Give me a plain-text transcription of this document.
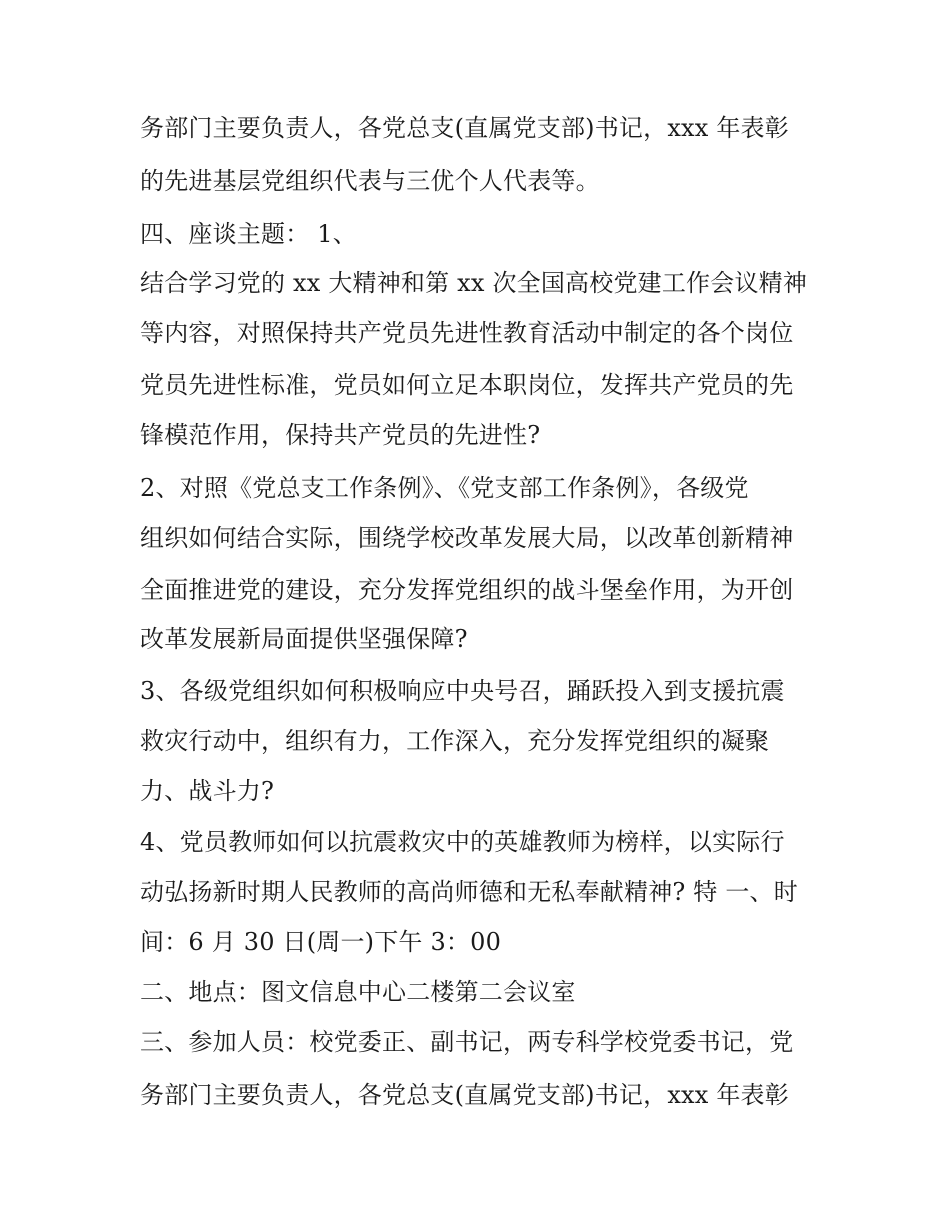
务部门主要负责人，各党总支(直属党支部)书记，xxx 年表彰
的先进基层党组织代表与三优个人代表等。
四、座谈主题： 1、
结合学习党的 xx 大精神和第 xx 次全国高校党建工作会议精神
等内容，对照保持共产党员先进性教育活动中制定的各个岗位
党员先进性标准，党员如何立足本职岗位，发挥共产党员的先
锋模范作用，保持共产党员的先进性?
2、对照《党总支工作条例》、《党支部工作条例》，各级党
组织如何结合实际，围绕学校改革发展大局，以改革创新精神
全面推进党的建设，充分发挥党组织的战斗堡垒作用，为开创
改革发展新局面提供坚强保障?
3、各级党组织如何积极响应中央号召，踊跃投入到支援抗震
救灾行动中，组织有力，工作深入，充分发挥党组织的凝聚
力、战斗力?
4、党员教师如何以抗震救灾中的英雄教师为榜样，以实际行
动弘扬新时期人民教师的高尚师德和无私奉献精神? 特 一、时
间：6 月 30 日(周一)下午 3：00
二、地点：图文信息中心二楼第二会议室
三、参加人员：校党委正、副书记，两专科学校党委书记，党
务部门主要负责人，各党总支(直属党支部)书记，xxx 年表彰
